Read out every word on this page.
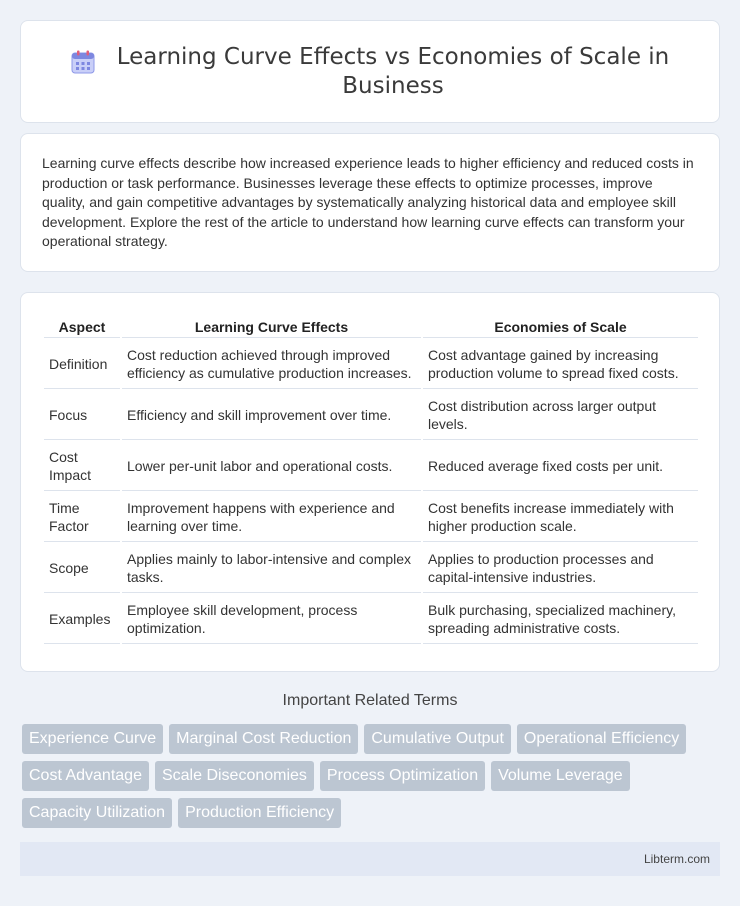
Learning Curve Effects vs Economies of Scale in Business

Learning curve effects describe how increased experience leads to higher efficiency and reduced costs in production or task performance. Businesses leverage these effects to optimize processes, improve quality, and gain competitive advantages by systematically analyzing historical data and employee skill development. Explore the rest of the article to understand how learning curve effects can transform your operational strategy.

Aspect	Learning Curve Effects	Economies of Scale
Definition	Cost reduction achieved through improved efficiency as cumulative production increases.	Cost advantage gained by increasing production volume to spread fixed costs.
Focus	Efficiency and skill improvement over time.	Cost distribution across larger output levels.
Cost Impact	Lower per-unit labor and operational costs.	Reduced average fixed costs per unit.
Time Factor	Improvement happens with experience and learning over time.	Cost benefits increase immediately with higher production scale.
Scope	Applies mainly to labor-intensive and complex tasks.	Applies to production processes and capital-intensive industries.
Examples	Employee skill development, process optimization.	Bulk purchasing, specialized machinery, spreading administrative costs.
Important Related Terms
Experience Curve	Marginal Cost Reduction	Cumulative Output	Operational Efficiency
Cost Advantage	Scale Diseconomies	Process Optimization	Volume Leverage
Capacity Utilization	Production Efficiency
Libterm.com
